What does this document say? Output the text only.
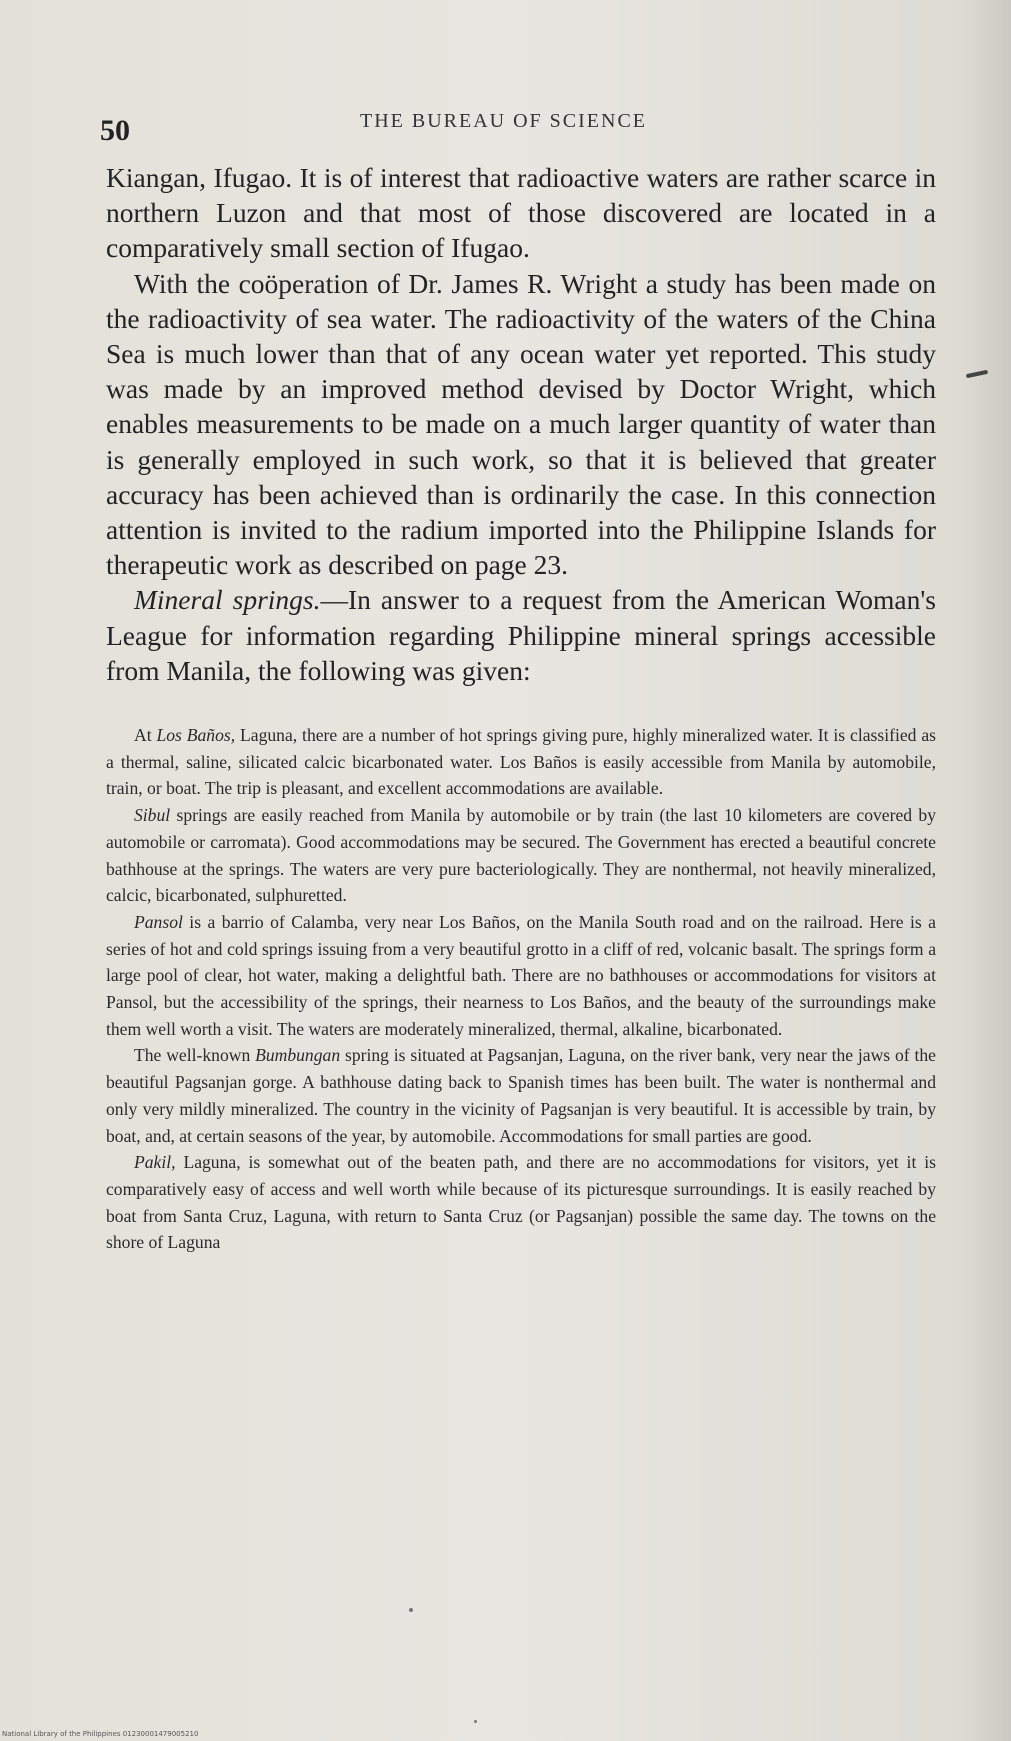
50	THE BUREAU OF SCIENCE

Kiangan, Ifugao. It is of interest that radioactive waters are rather scarce in northern Luzon and that most of those discovered are located in a comparatively small section of Ifugao.

With the coöperation of Dr. James R. Wright a study has been made on the radioactivity of sea water. The radioactivity of the waters of the China Sea is much lower than that of any ocean water yet reported. This study was made by an improved method devised by Doctor Wright, which enables measurements to be made on a much larger quantity of water than is generally employed in such work, so that it is believed that greater accuracy has been achieved than is ordinarily the case. In this connection attention is invited to the radium imported into the Philippine Islands for therapeutic work as described on page 23.

Mineral springs.—In answer to a request from the American Woman's League for information regarding Philippine mineral springs accessible from Manila, the following was given:

At Los Baños, Laguna, there are a number of hot springs giving pure, highly mineralized water. It is classified as a thermal, saline, silicated calcic bicarbonated water. Los Baños is easily accessible from Manila by automobile, train, or boat. The trip is pleasant, and excellent accommodations are available.

Sibul springs are easily reached from Manila by automobile or by train (the last 10 kilometers are covered by automobile or carromata). Good accommodations may be secured. The Government has erected a beautiful concrete bathhouse at the springs. The waters are very pure bacteriologically. They are nonthermal, not heavily mineralized, calcic, bicarbonated, sulphuretted.

Pansol is a barrio of Calamba, very near Los Baños, on the Manila South road and on the railroad. Here is a series of hot and cold springs issuing from a very beautiful grotto in a cliff of red, volcanic basalt. The springs form a large pool of clear, hot water, making a delightful bath. There are no bathhouses or accommodations for visitors at Pansol, but the accessibility of the springs, their nearness to Los Baños, and the beauty of the surroundings make them well worth a visit. The waters are moderately mineralized, thermal, alkaline, bicarbonated.

The well-known Bumbungan spring is situated at Pagsanjan, Laguna, on the river bank, very near the jaws of the beautiful Pagsanjan gorge. A bathhouse dating back to Spanish times has been built. The water is nonthermal and only very mildly mineralized. The country in the vicinity of Pagsanjan is very beautiful. It is accessible by train, by boat, and, at certain seasons of the year, by automobile. Accommodations for small parties are good.

Pakil, Laguna, is somewhat out of the beaten path, and there are no accommodations for visitors, yet it is comparatively easy of access and well worth while because of its picturesque surroundings. It is easily reached by boat from Santa Cruz, Laguna, with return to Santa Cruz (or Pagsanjan) possible the same day. The towns on the shore of Laguna

National Library of the Philippines 01230001479005210
